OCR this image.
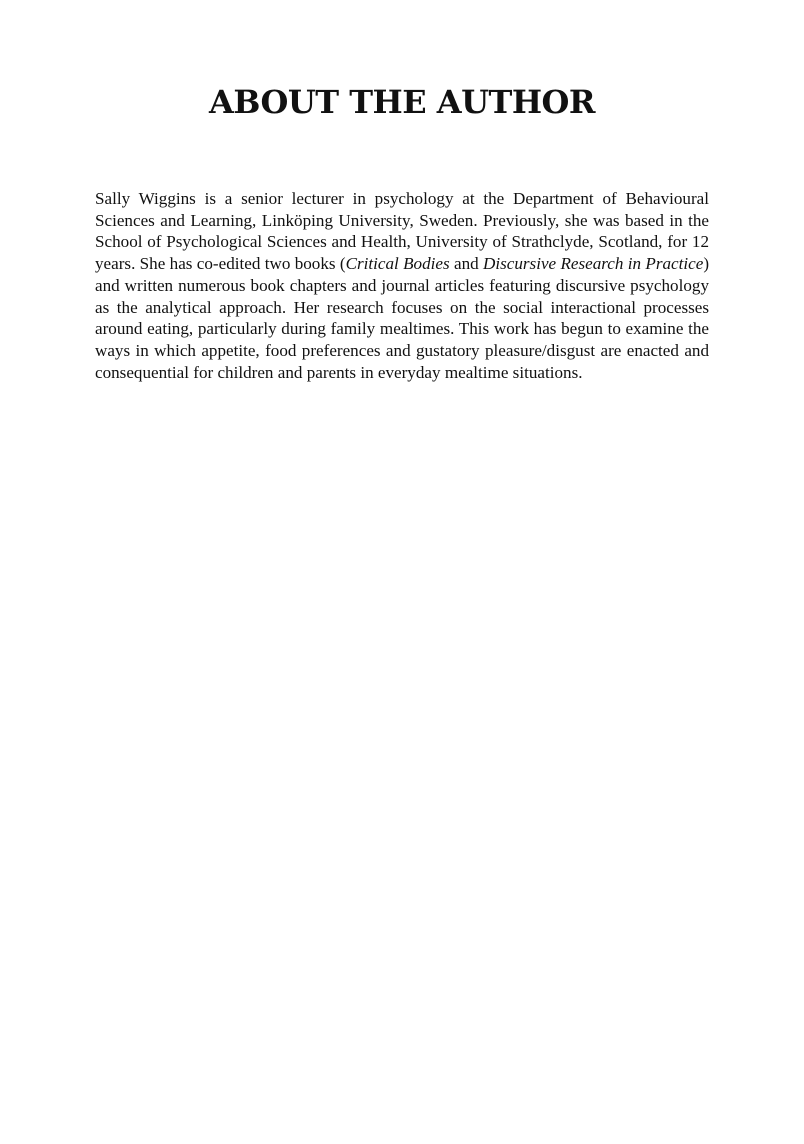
ABOUT THE AUTHOR

Sally Wiggins is a senior lecturer in psychology at the Department of Behavioural Sciences and Learning, Linköping University, Sweden. Previously, she was based in the School of Psychological Sciences and Health, University of Strathclyde, Scotland, for 12 years. She has co-edited two books (Critical Bodies and Discursive Research in Practice) and written numerous book chapters and journal articles featuring discursive psychology as the analytical approach. Her research focuses on the social interactional processes around eating, particularly during family mealtimes. This work has begun to examine the ways in which appetite, food preferences and gustatory pleasure/disgust are enacted and consequential for children and parents in everyday mealtime situations.
